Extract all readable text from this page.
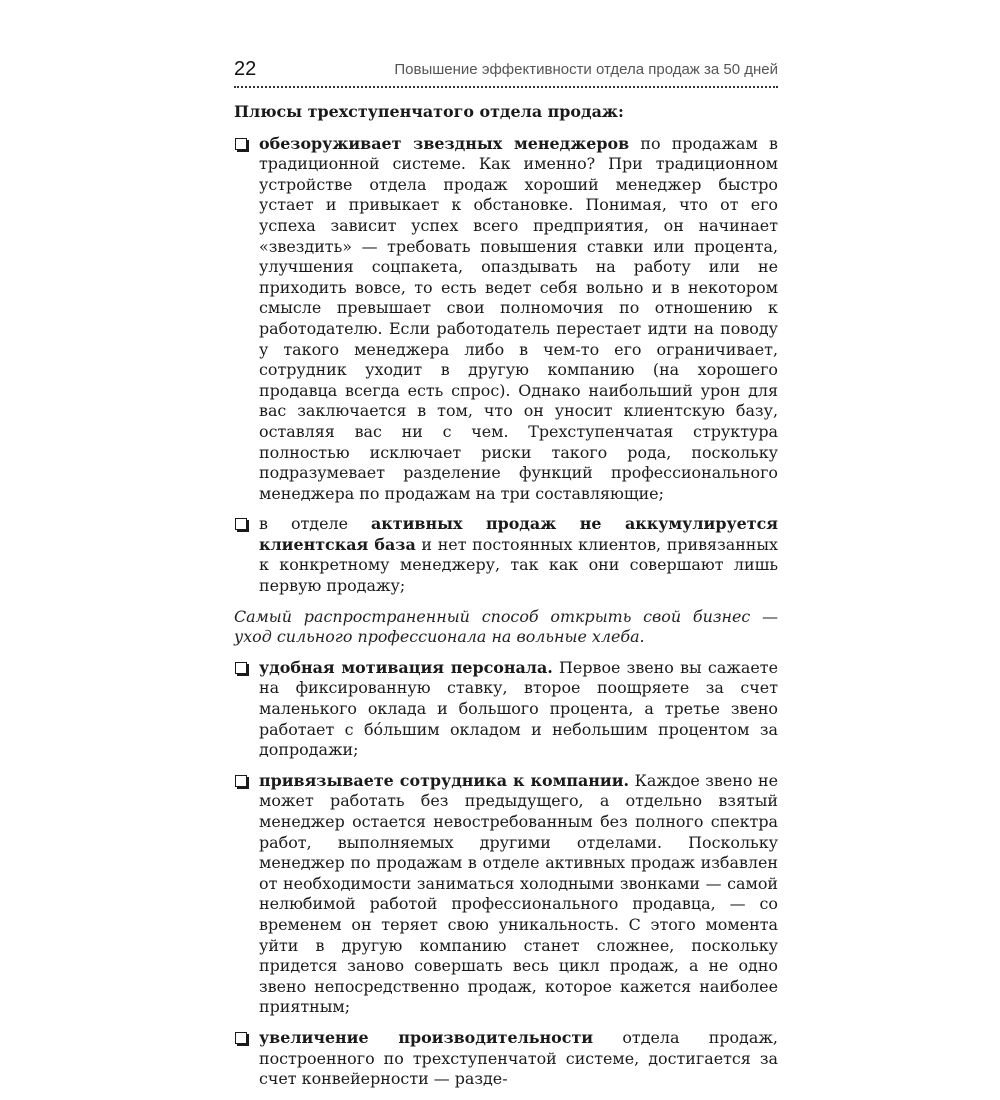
22	Повышение эффективности отдела продаж за 50 дней

Плюсы трехступенчатого отдела продаж:

обезоруживает звездных менеджеров по продажам в традиционной системе. Как именно? При традиционном устройстве отдела продаж хороший менеджер быстро устает и привыкает к обстановке. Понимая, что от его успеха зависит успех всего предприятия, он начинает «звездить» — требовать повышения ставки или процента, улучшения соцпакета, опаздывать на работу или не приходить вовсе, то есть ведет себя вольно и в некотором смысле превышает свои полномочия по отношению к работодателю. Если работодатель перестает идти на поводу у такого менеджера либо в чем-то его ограничивает, сотрудник уходит в другую компанию (на хорошего продавца всегда есть спрос). Однако наибольший урон для вас заключается в том, что он уносит клиентскую базу, оставляя вас ни с чем. Трехступенчатая структура полностью исключает риски такого рода, поскольку подразумевает разделение функций профессионального менеджера по продажам на три составляющие;
в отделе активных продаж не аккумулируется клиентская база и нет постоянных клиентов, привязанных к конкретному менеджеру, так как они совершают лишь первую продажу;

Самый распространенный способ открыть свой бизнес — уход сильного профессионала на вольные хлеба.

удобная мотивация персонала. Первое звено вы сажаете на фиксированную ставку, второе поощряете за счет маленького оклада и большого процента, а третье звено работает с бóльшим окладом и небольшим процентом за допродажи;
привязываете сотрудника к компании. Каждое звено не может работать без предыдущего, а отдельно взятый менеджер остается невостребованным без полного спектра работ, выполняемых другими отделами. Поскольку менеджер по продажам в отделе активных продаж избавлен от необходимости заниматься холодными звонками — самой нелюбимой работой профессионального продавца, — со временем он теряет свою уникальность. С этого момента уйти в другую компанию станет сложнее, поскольку придется заново совершать весь цикл продаж, а не одно звено непосредственно продаж, которое кажется наиболее приятным;
увеличение производительности отдела продаж, построенного по трехступенчатой системе, достигается за счет конвейерности — разде-
